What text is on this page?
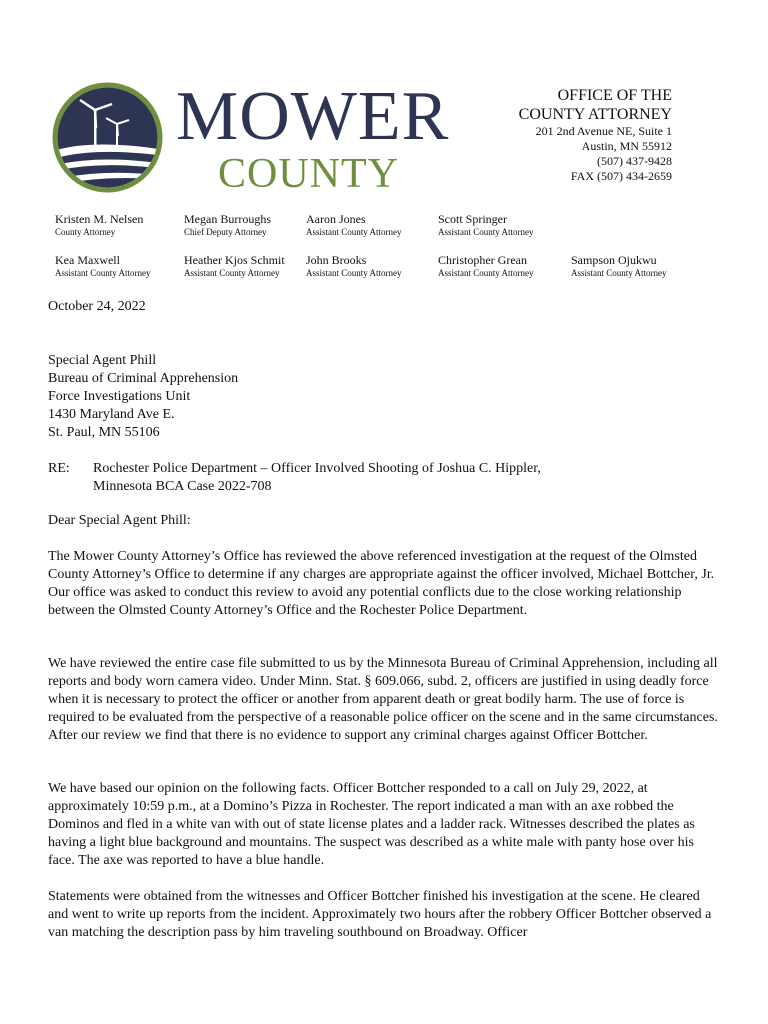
MOWER
COUNTY
OFFICE OF THE
COUNTY ATTORNEY
201 2nd Avenue NE, Suite 1
Austin, MN 55912
(507) 437-9428
FAX (507) 434-2659
Kristen M. Nelsen
County Attorney
Megan Burroughs
Chief Deputy Attorney
Aaron Jones
Assistant County Attorney
Scott Springer
Assistant County Attorney
Kea Maxwell
Assistant County Attorney
Heather Kjos Schmit
Assistant County Attorney
John Brooks
Assistant County Attorney
Christopher Grean
Assistant County Attorney
Sampson Ojukwu
Assistant County Attorney
October 24, 2022
Special Agent Phill
Bureau of Criminal Apprehension
Force Investigations Unit
1430 Maryland Ave E.
St. Paul, MN 55106
RE: Rochester Police Department – Officer Involved Shooting of Joshua C. Hippler,
Minnesota BCA Case 2022-708
Dear Special Agent Phill:

The Mower County Attorney’s Office has reviewed the above referenced investigation at the request of the Olmsted County Attorney’s Office to determine if any charges are appropriate against the officer involved, Michael Bottcher, Jr. Our office was asked to conduct this review to avoid any potential conflicts due to the close working relationship between the Olmsted County Attorney’s Office and the Rochester Police Department.

We have reviewed the entire case file submitted to us by the Minnesota Bureau of Criminal Apprehension, including all reports and body worn camera video. Under Minn. Stat. § 609.066, subd. 2, officers are justified in using deadly force when it is necessary to protect the officer or another from apparent death or great bodily harm. The use of force is required to be evaluated from the perspective of a reasonable police officer on the scene and in the same circumstances. After our review we find that there is no evidence to support any criminal charges against Officer Bottcher.

We have based our opinion on the following facts. Officer Bottcher responded to a call on July 29, 2022, at approximately 10:59 p.m., at a Domino’s Pizza in Rochester. The report indicated a man with an axe robbed the Dominos and fled in a white van with out of state license plates and a ladder rack. Witnesses described the plates as having a light blue background and mountains. The suspect was described as a white male with panty hose over his face. The axe was reported to have a blue handle.

Statements were obtained from the witnesses and Officer Bottcher finished his investigation at the scene. He cleared and went to write up reports from the incident. Approximately two hours after the robbery Officer Bottcher observed a van matching the description pass by him traveling southbound on Broadway. Officer
